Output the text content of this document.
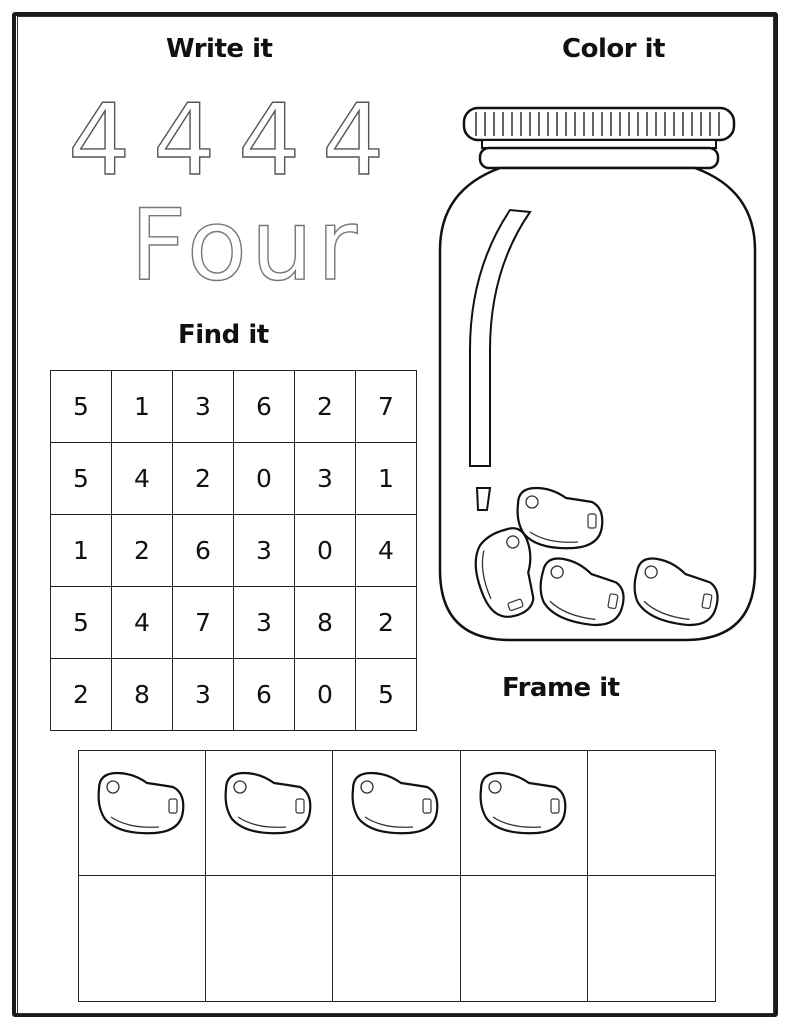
Write it	Color it
Find it
Frame it
4 4 4 4
Four
5	1	3	6	2	7
5	4	2	0	3	1
1	2	6	3	0	4
5	4	7	3	8	2
2	8	3	6	0	5
